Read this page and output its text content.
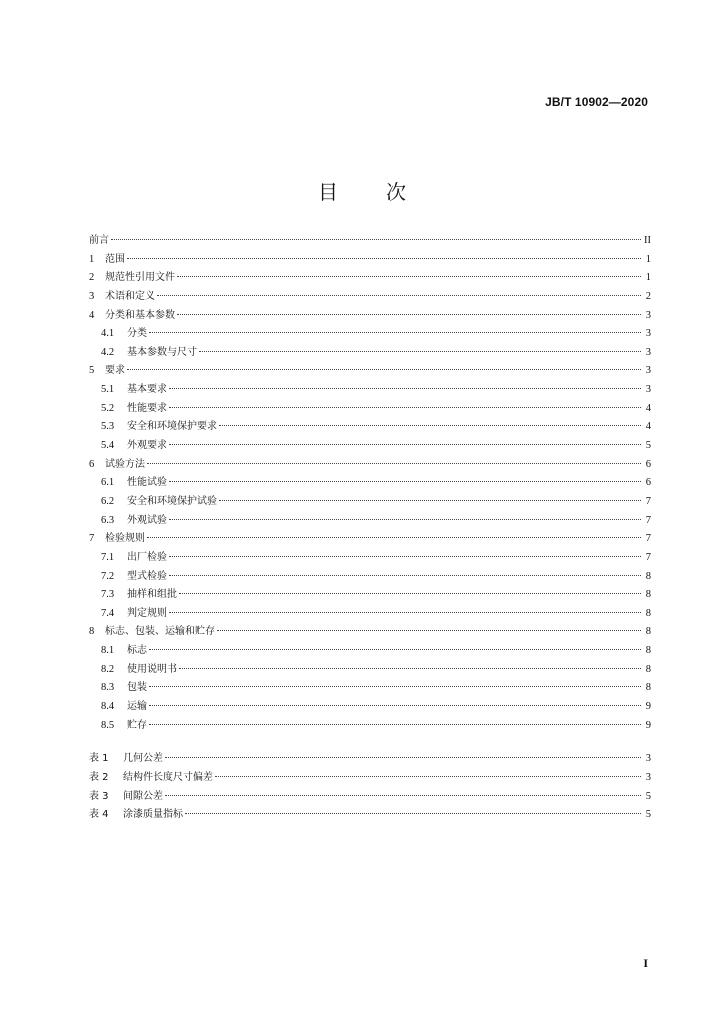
JB/T 10902—2020
目 次
前言	II
1	范围	1
2	规范性引用文件	1
3	术语和定义	2
4	分类和基本参数	3
4.1	分类	3
4.2	基本参数与尺寸	3
5	要求	3
5.1	基本要求	3
5.2	性能要求	4
5.3	安全和环境保护要求	4
5.4	外观要求	5
6	试验方法	6
6.1	性能试验	6
6.2	安全和环境保护试验	7
6.3	外观试验	7
7	检验规则	7
7.1	出厂检验	7
7.2	型式检验	8
7.3	抽样和组批	8
7.4	判定规则	8
8	标志、包装、运输和贮存	8
8.1	标志	8
8.2	使用说明书	8
8.3	包装	8
8.4	运输	9
8.5	贮存	9
表 1	几何公差	3
表 2	结构件长度尺寸偏差	3
表 3	间隙公差	5
表 4	涂漆质量指标	5
I
